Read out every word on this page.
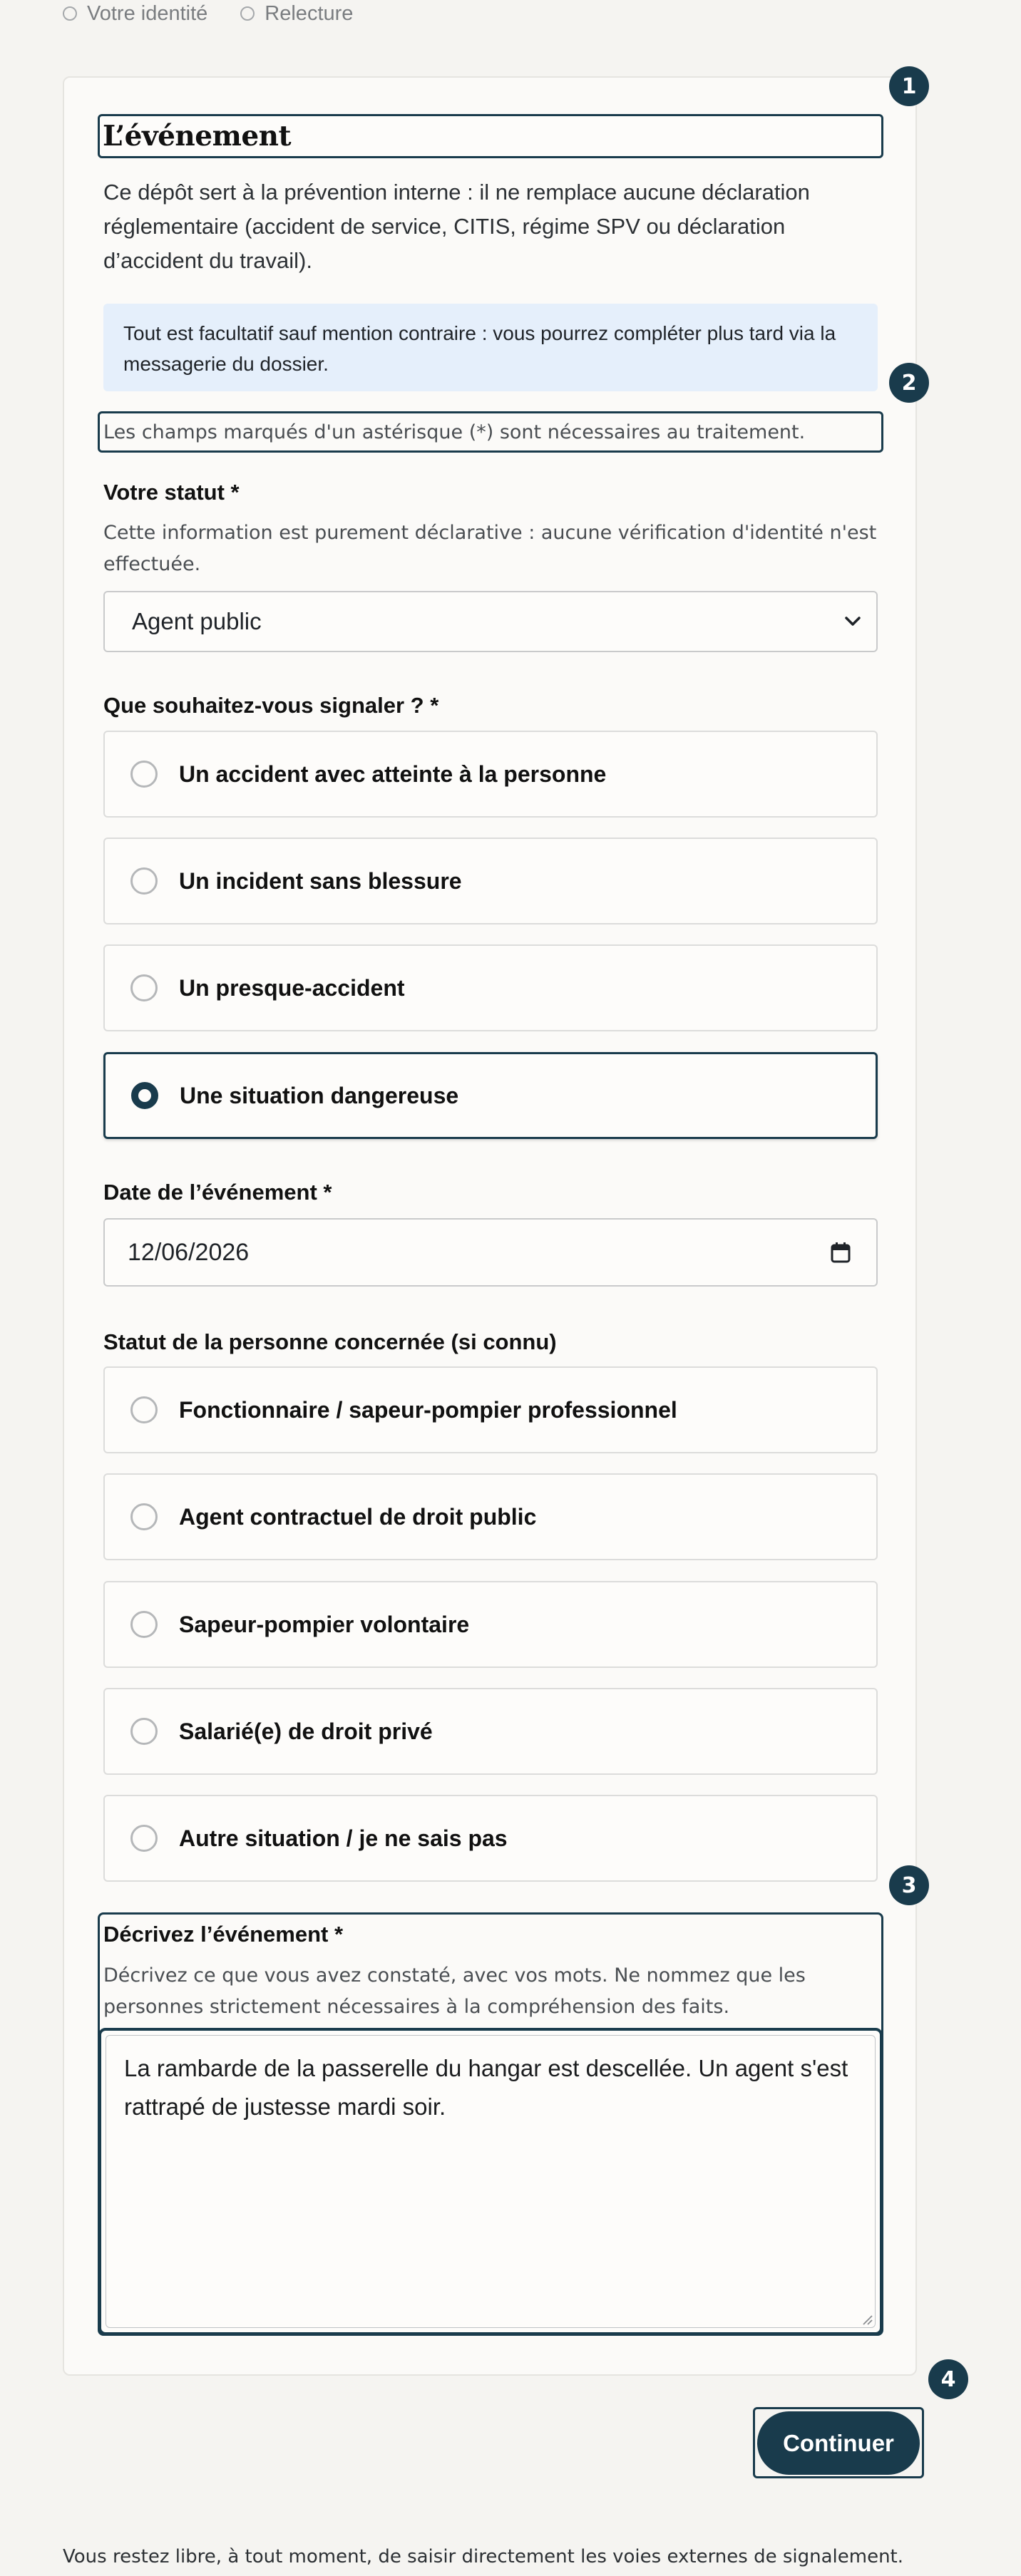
Votre identité	Relecture
1
2
3
4
L’événement

Ce dépôt sert à la prévention interne : il ne remplace aucune déclaration réglementaire (accident de service, CITIS, régime SPV ou déclaration d’accident du travail).

Tout est facultatif sauf mention contraire : vous pourrez compléter plus tard via la messagerie du dossier.
Les champs marqués d'un astérisque (*) sont nécessaires au traitement.
Votre statut *
Cette information est purement déclarative : aucune vérification d'identité n'est effectuée.
Agent public
Que souhaitez-vous signaler ? *
Un accident avec atteinte à la personne
Un incident sans blessure
Un presque-accident
Une situation dangereuse
Date de l’événement *
12/06/2026
Statut de la personne concernée (si connu)
Fonctionnaire / sapeur-pompier professionnel
Agent contractuel de droit public
Sapeur-pompier volontaire
Salarié(e) de droit privé
Autre situation / je ne sais pas
Décrivez l’événement *
Décrivez ce que vous avez constaté, avec vos mots. Ne nommez que les personnes strictement nécessaires à la compréhension des faits.
La rambarde de la passerelle du hangar est descellée. Un agent s'est rattrapé de justesse mardi soir.
Continuer

Vous restez libre, à tout moment, de saisir directement les voies externes de signalement.
